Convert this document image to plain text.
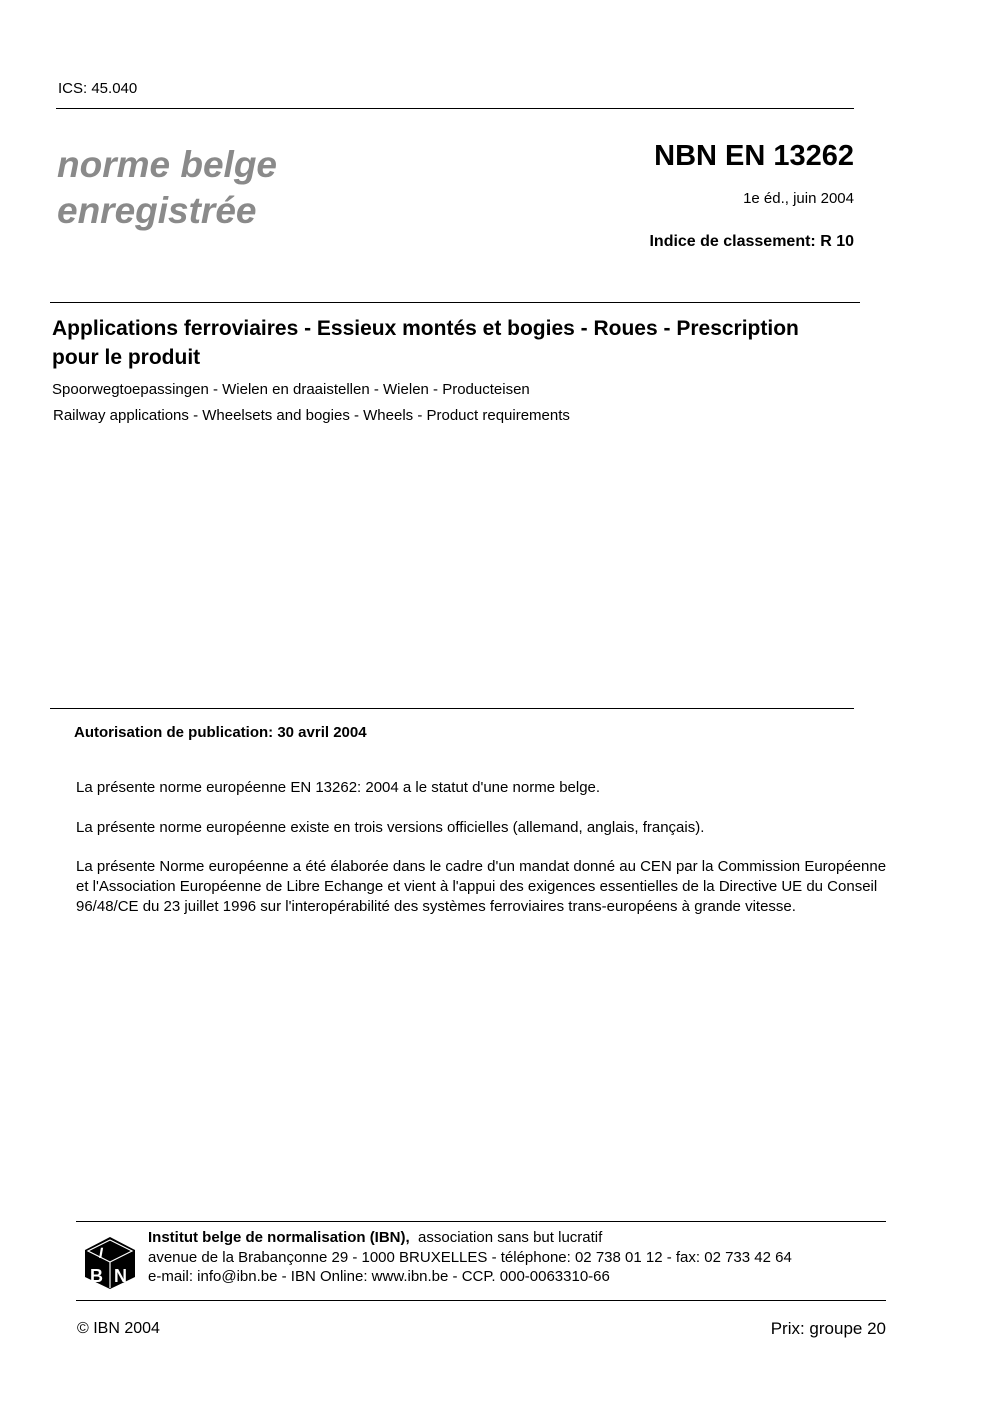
ICS: 45.040
norme belge
enregistrée
NBN EN 13262
1e éd., juin 2004
Indice de classement: R 10
Applications ferroviaires - Essieux montés et bogies - Roues - Prescription pour le produit
Spoorwegtoepassingen - Wielen en draaistellen - Wielen - Producteisen
Railway applications - Wheelsets and bogies - Wheels - Product requirements
Autorisation de publication: 30 avril 2004
La présente norme européenne EN 13262: 2004 a le statut d'une norme belge.
La présente norme européenne existe en trois versions officielles (allemand, anglais, français).
La présente Norme européenne a été élaborée dans le cadre d'un mandat donné au CEN par la Commission Européenne et l'Association Européenne de Libre Echange et vient à l'appui des exigences essentielles de la Directive UE du Conseil 96/48/CE du 23 juillet 1996 sur l'interopérabilité des systèmes ferroviaires trans-européens à grande vitesse.
I
B N
Institut belge de normalisation (IBN), association sans but lucratif
avenue de la Brabançonne 29 - 1000 BRUXELLES - téléphone: 02 738 01 12 - fax: 02 733 42 64
e-mail: info@ibn.be - IBN Online: www.ibn.be - CCP. 000-0063310-66
© IBN 2004	Prix: groupe 20
